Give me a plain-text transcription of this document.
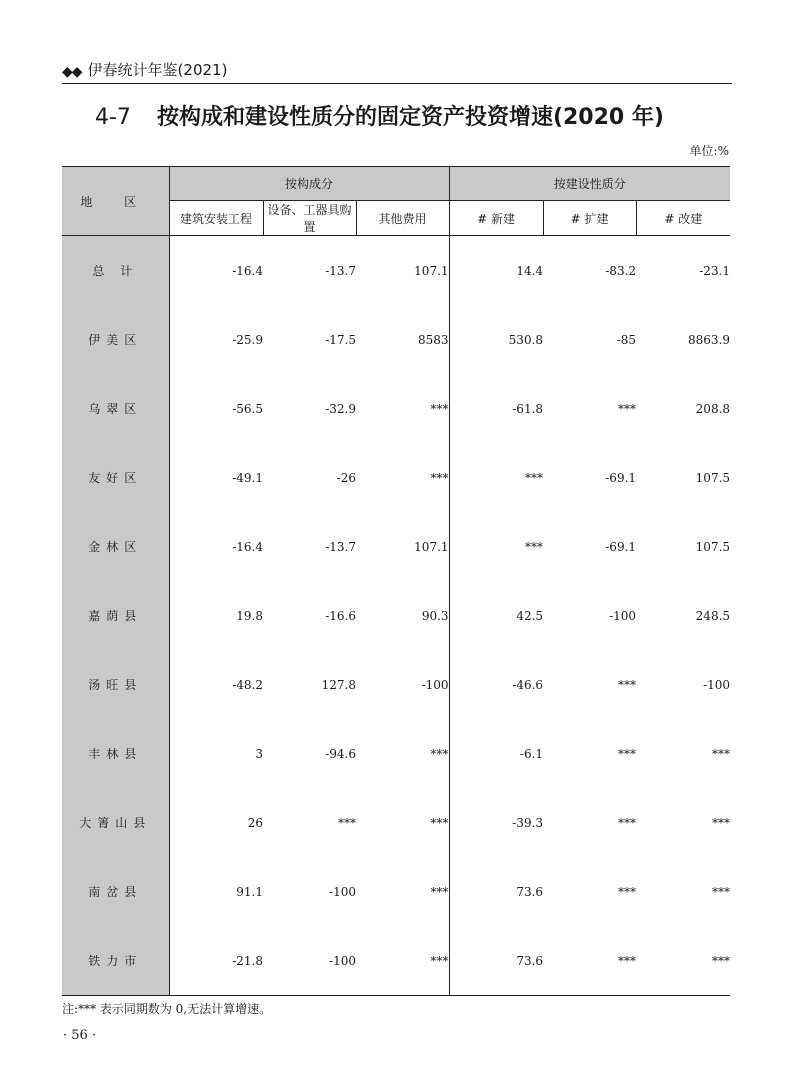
◆◆ 伊春统计年鉴(2021)
4-7 按构成和建设性质分的固定资产投资增速(2020 年)
单位:%
地 区	按构成分			按建设性质分		
	建筑安装工程	设备、工器具购置	其他费用	# 新建	# 扩建	# 改建
总 计	-16.4	-13.7	107.1	14.4	-83.2	-23.1
伊美区	-25.9	-17.5	8583	530.8	-85	8863.9
乌翠区	-56.5	-32.9	***	-61.8	***	208.8
友好区	-49.1	-26	***	***	-69.1	107.5
金林区	-16.4	-13.7	107.1	***	-69.1	107.5
嘉荫县	19.8	-16.6	90.3	42.5	-100	248.5
汤旺县	-48.2	127.8	-100	-46.6	***	-100
丰林县	3	-94.6	***	-6.1	***	***
大箐山县	26	***	***	-39.3	***	***
南岔县	91.1	-100	***	73.6	***	***
铁力市	-21.8	-100	***	73.6	***	***
注:*** 表示同期数为 0,无法计算增速。
· 56 ·
